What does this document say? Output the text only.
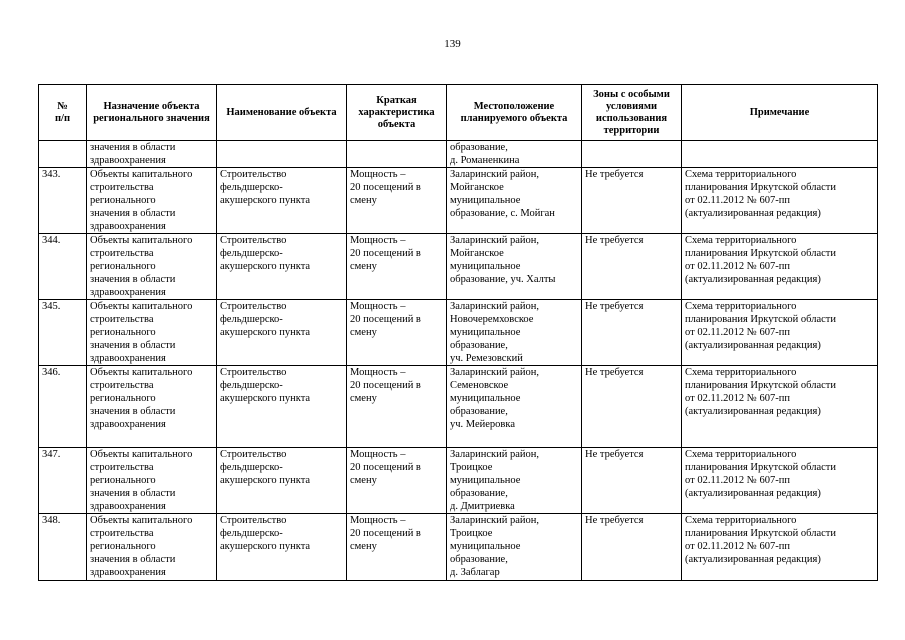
139
№
п/п	Назначение объекта регионального значения	Наименование объекта	Краткая характеристика объекта	Местоположение планируемого объекта	Зоны с особыми условиями использования территории	Примечание

	значения в области
здравоохранения			образование,
д. Романенкина		

343.	Объекты капитального
строительства
регионального
значения в области
здравоохранения	Строительство
фельдшерско-
акушерского пункта	Мощность –
20 посещений в
смену	Заларинский район,
Мойганское
муниципальное
образование, с. Мойган	Не требуется	Схема территориального
планирования Иркутской области
от 02.11.2012 № 607-пп
(актуализированная редакция)

344.	Объекты капитального
строительства
регионального
значения в области
здравоохранения	Строительство
фельдшерско-
акушерского пункта	Мощность –
20 посещений в
смену	Заларинский район,
Мойганское
муниципальное
образование, уч. Халты	Не требуется	Схема территориального
планирования Иркутской области
от 02.11.2012 № 607-пп
(актуализированная редакция)

345.	Объекты капитального
строительства
регионального
значения в области
здравоохранения	Строительство
фельдшерско-
акушерского пункта	Мощность –
20 посещений в
смену	Заларинский район,
Новочеремховское
муниципальное
образование,
уч. Ремезовский	Не требуется	Схема территориального
планирования Иркутской области
от 02.11.2012 № 607-пп
(актуализированная редакция)

346.	Объекты капитального
строительства
регионального
значения в области
здравоохранения	Строительство
фельдшерско-
акушерского пункта	Мощность –
20 посещений в
смену	Заларинский район,
Семеновское
муниципальное
образование,
уч. Мейеровка	Не требуется	Схема территориального
планирования Иркутской области
от 02.11.2012 № 607-пп
(актуализированная редакция)

347.	Объекты капитального
строительства
регионального
значения в области
здравоохранения	Строительство
фельдшерско-
акушерского пункта	Мощность –
20 посещений в
смену	Заларинский район,
Троицкое
муниципальное
образование,
д. Дмитриевка	Не требуется	Схема территориального
планирования Иркутской области
от 02.11.2012 № 607-пп
(актуализированная редакция)

348.	Объекты капитального
строительства
регионального
значения в области
здравоохранения	Строительство
фельдшерско-
акушерского пункта	Мощность –
20 посещений в
смену	Заларинский район,
Троицкое
муниципальное
образование,
д. Заблагар	Не требуется	Схема территориального
планирования Иркутской области
от 02.11.2012 № 607-пп
(актуализированная редакция)
